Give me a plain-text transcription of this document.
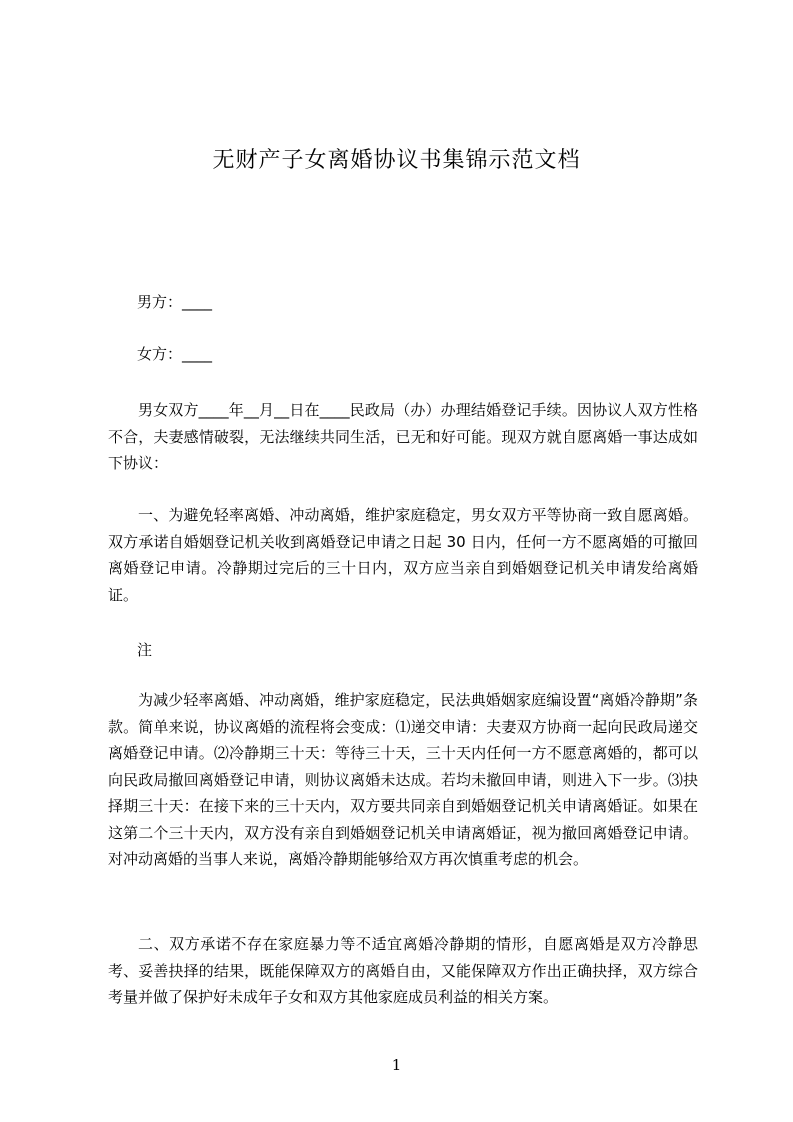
无财产子女离婚协议书集锦示范文档
男方：____
女方：____
男女双方____年__月__日在____民政局（办）办理结婚登记手续。因协议人双方性格不合，夫妻感情破裂，无法继续共同生活，已无和好可能。现双方就自愿离婚一事达成如下协议：
一、为避免轻率离婚、冲动离婚，维护家庭稳定，男女双方平等协商一致自愿离婚。双方承诺自婚姻登记机关收到离婚登记申请之日起 30 日内，任何一方不愿离婚的可撤回离婚登记申请。冷静期过完后的三十日内，双方应当亲自到婚姻登记机关申请发给离婚证。
注
为减少轻率离婚、冲动离婚，维护家庭稳定，民法典婚姻家庭编设置“离婚冷静期”条款。简单来说，协议离婚的流程将会变成：⑴递交申请：夫妻双方协商一起向民政局递交离婚登记申请。⑵冷静期三十天：等待三十天，三十天内任何一方不愿意离婚的，都可以向民政局撤回离婚登记申请，则协议离婚未达成。若均未撤回申请，则进入下一步。⑶抉择期三十天：在接下来的三十天内，双方要共同亲自到婚姻登记机关申请离婚证。如果在这第二个三十天内，双方没有亲自到婚姻登记机关申请离婚证，视为撤回离婚登记申请。对冲动离婚的当事人来说，离婚冷静期能够给双方再次慎重考虑的机会。
二、双方承诺不存在家庭暴力等不适宜离婚冷静期的情形，自愿离婚是双方冷静思考、妥善抉择的结果，既能保障双方的离婚自由，又能保障双方作出正确抉择，双方综合考量并做了保护好未成年子女和双方其他家庭成员利益的相关方案。
1
